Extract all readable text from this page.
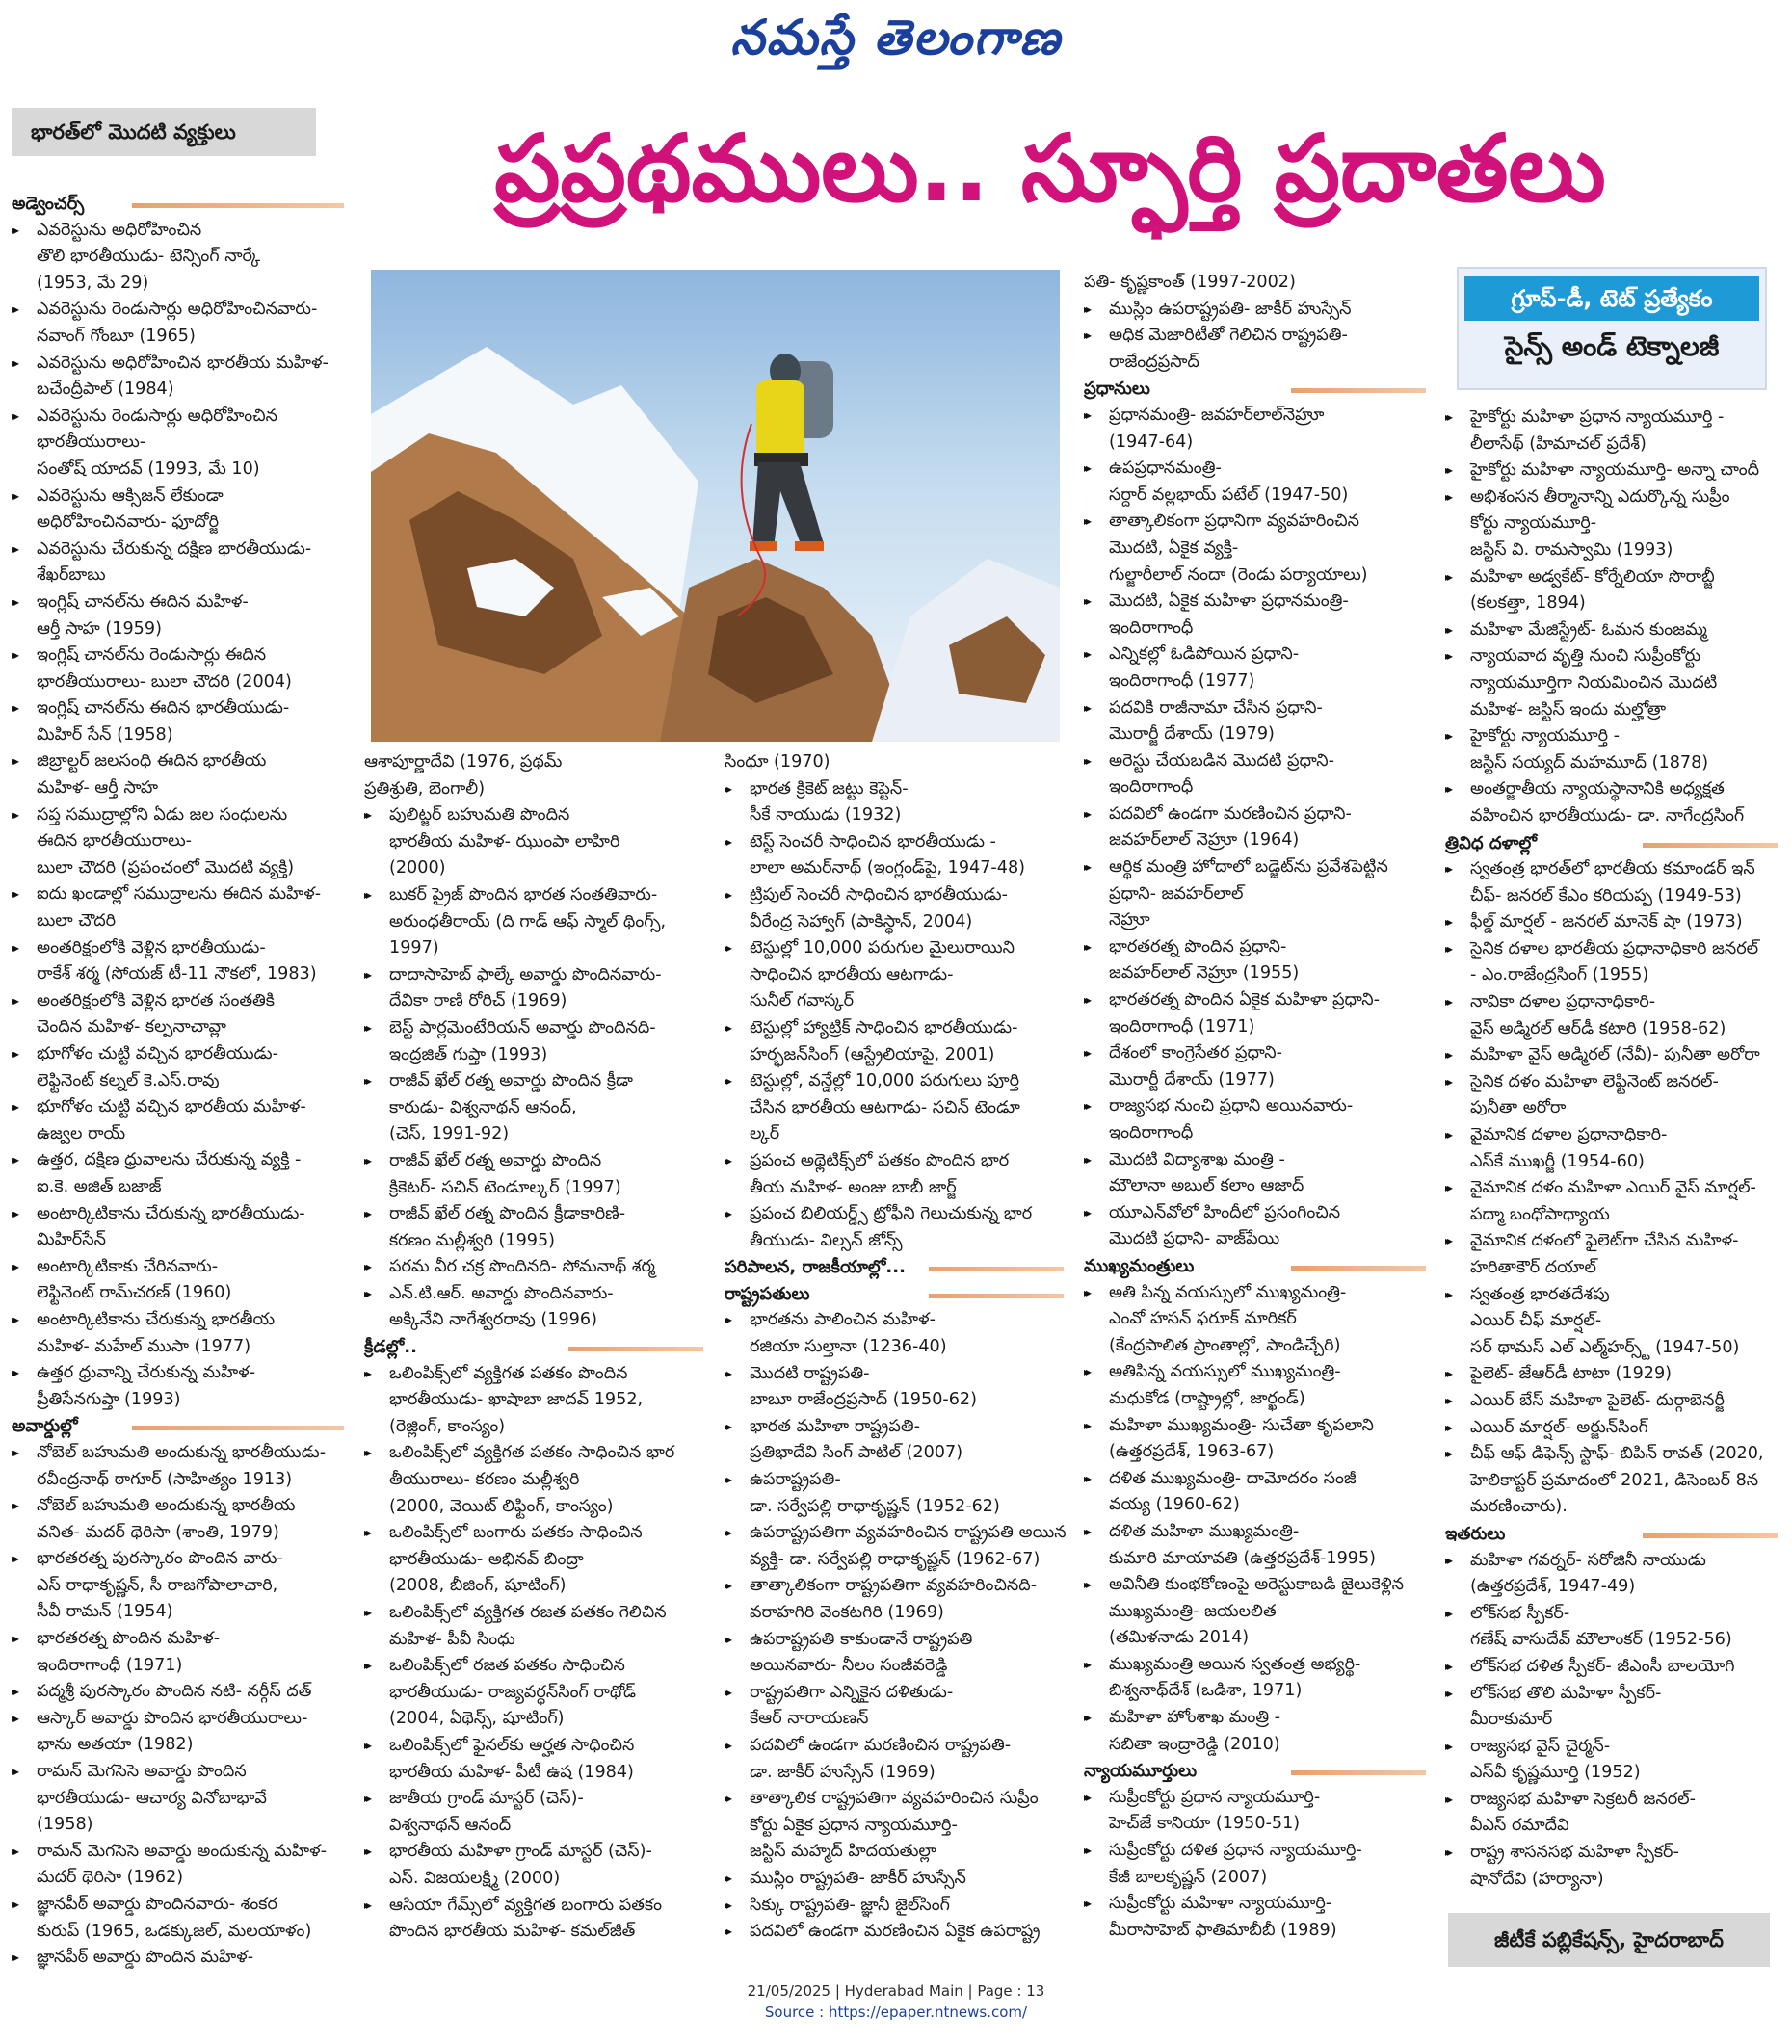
నమస్తే తెలంగాణ
భారత్‌లో మొదటి వ్యక్తులు	ప్రప్రథములు.. స్ఫూర్తి ప్రదాతలు
గ్రూప్‌-డీ, టెట్‌ ప్రత్యేకం
సైన్స్‌ అండ్‌ టెక్నాలజీ
అడ్వెంచర్స్‌
▸▸ ఎవరెస్టును అధిరోహించిన
తొలి భారతీయుడు- టెన్సింగ్‌ నార్కే
(1953, మే 29)
▸▸ ఎవరెస్టును రెండుసార్లు అధిరోహించినవారు-
నవాంగ్‌ గోంబూ (1965)
▸▸ ఎవరెస్టును అధిరోహించిన భారతీయ మహిళ-
బచేంద్రీపాల్‌ (1984)
▸▸ ఎవరెస్టును రెండుసార్లు అధిరోహించిన
భారతీయురాలు-
సంతోష్‌ యాదవ్‌ (1993, మే 10)
▸▸ ఎవరెస్టును ఆక్సిజన్‌ లేకుండా
అధిరోహించినవారు- ఫూదోర్జి
▸▸ ఎవరెస్టును చేరుకున్న దక్షిణ భారతీయుడు-
శేఖర్‌బాబు
▸▸ ఇంగ్లిష్‌ చానల్‌ను ఈదిన మహిళ-
ఆర్తీ సాహ (1959)
▸▸ ఇంగ్లిష్‌ చానల్‌ను రెండుసార్లు ఈదిన
భారతీయురాలు- బులా చౌదరి (2004)
▸▸ ఇంగ్లిష్‌ చానల్‌ను ఈదిన భారతీయుడు-
మిహిర్‌ సేన్‌ (1958)
▸▸ జిబ్రాల్టర్‌ జలసంధి ఈదిన భారతీయ
మహిళ- ఆర్తీ సాహ
▸▸ సప్త సముద్రాల్లోని ఏడు జల సంధులను
ఈదిన భారతీయురాలు-
బులా చౌదరి (ప్రపంచంలో మొదటి వ్యక్తి)
▸▸ ఐదు ఖండాల్లో సముద్రాలను ఈదిన మహిళ-
బులా చౌదరి
▸▸ అంతరిక్షంలోకి వెళ్లిన భారతీయుడు-
రాకేశ్‌ శర్మ (సోయజ్‌ టీ-11 నౌకలో, 1983)
▸▸ అంతరిక్షంలోకి వెళ్లిన భారత సంతతికి
చెందిన మహిళ- కల్పనాచావ్లా
▸▸ భూగోళం చుట్టి వచ్చిన భారతీయుడు-
లెఫ్టినెంట్‌ కల్నల్‌ కె.ఎస్‌.రావు
▸▸ భూగోళం చుట్టి వచ్చిన భారతీయ మహిళ-
ఉజ్వల రాయ్‌
▸▸ ఉత్తర, దక్షిణ ధ్రువాలను చేరుకున్న వ్యక్తి -
ఐ.కె. అజిత్‌ బజాజ్‌
▸▸ అంటార్కిటికాను చేరుకున్న భారతీయుడు-
మిహిర్‌సేన్‌
▸▸ అంటార్కిటికాకు చేరినవారు-
లెఫ్టినెంట్‌ రామ్‌చరణ్‌ (1960)
▸▸ అంటార్కిటికాను చేరుకున్న భారతీయ
మహిళ- మహేల్‌ ముసా (1977)
▸▸ ఉత్తర ధ్రువాన్ని చేరుకున్న మహిళ-
ప్రీతిసేనగుప్తా (1993)
అవార్డుల్లో
▸▸ నోబెల్‌ బహుమతి అందుకున్న భారతీయుడు-
రవీంద్రనాథ్‌ ఠాగూర్‌ (సాహిత్యం 1913)
▸▸ నోబెల్‌ బహుమతి అందుకున్న భారతీయ
వనిత- మదర్‌ థెరిసా (శాంతి, 1979)
▸▸ భారతరత్న పురస్కారం పొందిన వారు-
ఎస్‌ రాధాకృష్ణన్‌, సీ రాజగోపాలాచారి,
సీవీ రామన్‌ (1954)
▸▸ భారతరత్న పొందిన మహిళ-
ఇందిరాగాంధీ (1971)
▸▸ పద్మశ్రీ పురస్కారం పొందిన నటి- నర్గీస్‌ దత్‌
▸▸ ఆస్కార్‌ అవార్డు పొందిన భారతీయురాలు-
భాను అతయా (1982)
▸▸ రామన్‌ మెగసెసె అవార్డు పొందిన
భారతీయుడు- ఆచార్య వినోబాభావే
(1958)
▸▸ రామన్‌ మెగసెసె అవార్డు అందుకున్న మహిళ-
మదర్‌ థెరిసా (1962)
▸▸ జ్ఞానపీఠ్‌ అవార్డు పొందినవారు- శంకర
కురుప్‌ (1965, ఒడక్కుజల్‌, మలయాళం)
▸▸ జ్ఞానపీఠ్‌ అవార్డు పొందిన మహిళ-
ఆశాపూర్ణాదేవి (1976, ప్రథమ్‌
ప్రతిశ్రుతి, బెంగాలీ)
▸▸ పులిట్జర్‌ బహుమతి పొందిన
భారతీయ మహిళ- ఝుంపా లాహిరి
(2000)
▸▸ బుకర్‌ ప్రైజ్‌ పొందిన భారత సంతతివారు-
అరుంధతీరాయ్‌ (ది గాడ్‌ ఆఫ్‌ స్మాల్‌ థింగ్స్‌,
1997)
▸▸ దాదాసాహెబ్‌ ఫాల్కే అవార్డు పొందినవారు-
దేవికా రాణి రోరిచ్‌ (1969)
▸▸ బెస్ట్‌ పార్లమెంటేరియన్‌ అవార్డు పొందినది-
ఇంద్రజిత్‌ గుప్తా (1993)
▸▸ రాజీవ్‌ ఖేల్‌ రత్న అవార్డు పొందిన క్రీడా
కారుడు- విశ్వనాథన్‌ ఆనంద్‌,
(చెస్‌, 1991-92)
▸▸ రాజీవ్‌ ఖేల్‌ రత్న అవార్డు పొందిన
క్రికెటర్‌- సచిన్‌ టెండూల్కర్‌ (1997)
▸▸ రాజీవ్‌ ఖేల్‌ రత్న పొందిన క్రీడాకారిణి-
కరణం మల్లీశ్వరి (1995)
▸▸ పరమ వీర చక్ర పొందినది- సోమనాథ్‌ శర్మ
▸▸ ఎన్‌.టి.ఆర్‌. అవార్డు పొందినవారు-
అక్కినేని నాగేశ్వరరావు (1996)
క్రీడల్లో..
▸▸ ఒలింపిక్స్‌లో వ్యక్తిగత పతకం పొందిన
భారతీయుడు- ఖాషాబా జాదవ్‌ 1952,
(రెజ్లింగ్‌, కాంస్యం)
▸▸ ఒలింపిక్స్‌లో వ్యక్తిగత పతకం సాధించిన భార
తీయురాలు- కరణం మల్లీశ్వరి
(2000, వెయిట్‌ లిఫ్టింగ్‌, కాంస్యం)
▸▸ ఒలింపిక్స్‌లో బంగారు పతకం సాధించిన
భారతీయుడు- అభినవ్‌ బింద్రా
(2008, బీజింగ్‌, షూటింగ్‌)
▸▸ ఒలింపిక్స్‌లో వ్యక్తిగత రజత పతకం గెలిచిన
మహిళ- పీవీ సింధు
▸▸ ఒలింపిక్స్‌లో రజత పతకం సాధించిన
భారతీయుడు- రాజ్యవర్ధన్‌సింగ్‌ రాథోడ్‌
(2004, ఏథెన్స్‌, షూటింగ్‌)
▸▸ ఒలింపిక్స్‌లో ఫైనల్‌కు అర్హత సాధించిన
భారతీయ మహిళ- పీటీ ఉష (1984)
▸▸ జాతీయ గ్రాండ్‌ మాస్టర్‌ (చెస్‌)-
విశ్వనాథన్‌ ఆనంద్‌
▸▸ భారతీయ మహిళా గ్రాండ్‌ మాస్టర్‌ (చెస్‌)-
ఎస్‌. విజయలక్ష్మి (2000)
▸▸ ఆసియా గేమ్స్‌లో వ్యక్తిగత బంగారు పతకం
పొందిన భారతీయ మహిళ- కమల్‌జీత్‌
సింధూ (1970)
▸▸ భారత క్రికెట్‌ జట్టు కెప్టెన్‌-
సీకే నాయుడు (1932)
▸▸ టెస్ట్‌ సెంచరీ సాధించిన భారతీయుడు -
లాలా అమర్‌నాథ్‌ (ఇంగ్లండ్‌పై, 1947-48)
▸▸ ట్రిపుల్‌ సెంచరీ సాధించిన భారతీయుడు-
వీరేంద్ర సెహ్వాగ్‌ (పాకిస్థాన్‌, 2004)
▸▸ టెస్టుల్లో 10,000 పరుగుల మైలురాయిని
సాధించిన భారతీయ ఆటగాడు-
సునీల్‌ గవాస్కర్‌
▸▸ టెస్టుల్లో హ్యాట్రిక్‌ సాధించిన భారతీయుడు-
హర్భజన్‌సింగ్‌ (ఆస్ట్రేలియాపై, 2001)
▸▸ టెస్టుల్లో, వన్డేల్లో 10,000 పరుగులు పూర్తి
చేసిన భారతీయ ఆటగాడు- సచిన్‌ టెండూ
ల్కర్‌
▸▸ ప్రపంచ అథ్లెటిక్స్‌లో పతకం పొందిన భార
తీయ మహిళ- అంజు బాబీ జార్జ్‌
▸▸ ప్రపంచ బిలియర్డ్స్‌ ట్రోఫీని గెలుచుకున్న భార
తీయుడు- విల్సన్‌ జోన్స్‌
పరిపాలన, రాజకీయాల్లో...
రాష్ట్రపతులు
▸▸ భారతను పాలించిన మహిళ-
రజియా సుల్తానా (1236-40)
▸▸ మొదటి రాష్ట్రపతి-
బాబూ రాజేంద్రప్రసాద్‌ (1950-62)
▸▸ భారత మహిళా రాష్ట్రపతి-
ప్రతిభాదేవి సింగ్‌ పాటిల్‌ (2007)
▸▸ ఉపరాష్ట్రపతి-
డా. సర్వేపల్లి రాధాకృష్ణన్‌ (1952-62)
▸▸ ఉపరాష్ట్రపతిగా వ్యవహరించిన రాష్ట్రపతి అయిన
వ్యక్తి- డా. సర్వేపల్లి రాధాకృష్ణన్‌ (1962-67)
▸▸ తాత్కాలికంగా రాష్ట్రపతిగా వ్యవహరించినది-
వరాహగిరి వెంకటగిరి (1969)
▸▸ ఉపరాష్ట్రపతి కాకుండానే రాష్ట్రపతి
అయినవారు- నీలం సంజీవరెడ్డి
▸▸ రాష్ట్రపతిగా ఎన్నికైన దళితుడు-
కేఆర్‌ నారాయణన్‌
▸▸ పదవిలో ఉండగా మరణించిన రాష్ట్రపతి-
డా. జాకీర్‌ హుస్సేన్‌ (1969)
▸▸ తాత్కాలిక రాష్ట్రపతిగా వ్యవహరించిన సుప్రీం
కోర్టు ఏకైక ప్రధాన న్యాయమూర్తి-
జస్టిస్‌ మహ్మద్‌ హిదయతుల్లా
▸▸ ముస్లిం రాష్ట్రపతి- జాకీర్‌ హుస్సేన్‌
▸▸ సిక్కు రాష్ట్రపతి- జ్ఞానీ జైల్‌సింగ్‌
▸▸ పదవిలో ఉండగా మరణించిన ఏకైక ఉపరాష్ట్ర
పతి- కృష్ణకాంత్‌ (1997-2002)
▸▸ ముస్లిం ఉపరాష్ట్రపతి- జాకీర్‌ హుస్సేన్‌
▸▸ అధిక మెజారిటీతో గెలిచిన రాష్ట్రపతి-
రాజేంద్రప్రసాద్‌
ప్రధానులు
▸▸ ప్రధానమంత్రి- జవహర్‌లాల్‌నెహ్రూ
(1947-64)
▸▸ ఉపప్రధానమంత్రి-
సర్దార్‌ వల్లభాయ్‌ పటేల్‌ (1947-50)
▸▸ తాత్కాలికంగా ప్రధానిగా వ్యవహరించిన
మొదటి, ఏకైక వ్యక్తి-
గుల్జారీలాల్‌ నందా (రెండు పర్యాయాలు)
▸▸ మొదటి, ఏకైక మహిళా ప్రధానమంత్రి-
ఇందిరాగాంధీ
▸▸ ఎన్నికల్లో ఓడిపోయిన ప్రధాని-
ఇందిరాగాంధీ (1977)
▸▸ పదవికి రాజీనామా చేసిన ప్రధాని-
మొరార్జీ దేశాయ్‌ (1979)
▸▸ అరెస్టు చేయబడిన మొదటి ప్రధాని-
ఇందిరాగాంధీ
▸▸ పదవిలో ఉండగా మరణించిన ప్రధాని-
జవహర్‌లాల్‌ నెహ్రూ (1964)
▸▸ ఆర్థిక మంత్రి హోదాలో బడ్జెట్‌ను ప్రవేశపెట్టిన
ప్రధాని- జవహర్‌లాల్‌
నెహ్రూ
▸▸ భారతరత్న పొందిన ప్రధాని-
జవహర్‌లాల్‌ నెహ్రూ (1955)
▸▸ భారతరత్న పొందిన ఏకైక మహిళా ప్రధాని-
ఇందిరాగాంధీ (1971)
▸▸ దేశంలో కాంగ్రెసేతర ప్రధాని-
మొరార్జీ దేశాయ్‌ (1977)
▸▸ రాజ్యసభ నుంచి ప్రధాని అయినవారు-
ఇందిరాగాంధీ
▸▸ మొదటి విద్యాశాఖ మంత్రి -
మౌలానా అబుల్‌ కలాం ఆజాద్‌
▸▸ యూఎన్‌వోలో హిందీలో ప్రసంగించిన
మొదటి ప్రధాని- వాజ్‌పేయి
ముఖ్యమంత్రులు
▸▸ అతి పిన్న వయస్సులో ముఖ్యమంత్రి-
ఎంవో హసన్‌ ఫరూక్‌ మారికర్‌
(కేంద్రపాలిత ప్రాంతాల్లో, పాండిచ్చేరి)
▸▸ అతిపిన్న వయస్సులో ముఖ్యమంత్రి-
మధుకోడ (రాష్ట్రాల్లో, జార్ఖండ్‌)
▸▸ మహిళా ముఖ్యమంత్రి- సుచేతా కృపలాని
(ఉత్తరప్రదేశ్‌, 1963-67)
▸▸ దళిత ముఖ్యమంత్రి- దామోదరం సంజీ
వయ్య (1960-62)
▸▸ దళిత మహిళా ముఖ్యమంత్రి-
కుమారి మాయావతి (ఉత్తరప్రదేశ్‌-1995)
▸▸ అవినీతి కుంభకోణంపై అరెస్టుకాబడి జైలుకెళ్లిన
ముఖ్యమంత్రి- జయలలిత
(తమిళనాడు 2014)
▸▸ ముఖ్యమంత్రి అయిన స్వతంత్ర అభ్యర్థి-
బిశ్వనాథ్‌దేశ్‌ (ఒడిశా, 1971)
▸▸ మహిళా హోంశాఖ మంత్రి -
సబితా ఇంద్రారెడ్డి (2010)
న్యాయమూర్తులు
▸▸ సుప్రీంకోర్టు ప్రధాన న్యాయమూర్తి-
హెచ్‌జే కానియా (1950-51)
▸▸ సుప్రీంకోర్టు దళిత ప్రధాన న్యాయమూర్తి-
కేజీ బాలకృష్ణన్‌ (2007)
▸▸ సుప్రీంకోర్టు మహిళా న్యాయమూర్తి-
మీరాసాహెబ్‌ ఫాతిమాబీబీ (1989)
▸▸ హైకోర్టు మహిళా ప్రధాన న్యాయమూర్తి -
లీలాసేథ్‌ (హిమాచల్‌ ప్రదేశ్‌)
▸▸ హైకోర్టు మహిళా న్యాయమూర్తి- అన్నా చాందీ
▸▸ అభిశంసన తీర్మానాన్ని ఎదుర్కొన్న సుప్రీం
కోర్టు న్యాయమూర్తి-
జస్టిస్‌ వి. రామస్వామి (1993)
▸▸ మహిళా అడ్వకేట్‌- కోర్నేలియా సొరాబ్జీ
(కలకత్తా, 1894)
▸▸ మహిళా మేజిస్ట్రేట్‌- ఓమన కుంజమ్మ
▸▸ న్యాయవాద వృత్తి నుంచి సుప్రీంకోర్టు
న్యాయమూర్తిగా నియమించిన మొదటి
మహిళ- జస్టిస్‌ ఇందు మల్హోత్రా
▸▸ హైకోర్టు న్యాయమూర్తి -
జస్టిస్‌ సయ్యద్‌ మహమూద్‌ (1878)
▸▸ అంతర్జాతీయ న్యాయస్థానానికి అధ్యక్షత
వహించిన భారతీయుడు- డా. నాగేంద్రసింగ్‌
త్రివిధ దళాల్లో
▸▸ స్వతంత్ర భారత్‌లో భారతీయ కమాండర్‌ ఇన్‌
చీఫ్‌- జనరల్‌ కేఎం కరియప్ప (1949-53)
▸▸ ఫీల్డ్‌ మార్షల్‌ - జనరల్‌ మానెక్‌ షా (1973)
▸▸ సైనిక దళాల భారతీయ ప్రధానాధికారి జనరల్‌
- ఎం.రాజేంద్రసింగ్‌ (1955)
▸▸ నావికా దళాల ప్రధానాధికారి-
వైస్‌ అడ్మిరల్‌ ఆర్‌డీ కటారి (1958-62)
▸▸ మహిళా వైస్‌ అడ్మిరల్‌ (నేవీ)- పునీతా అరోరా
▸▸ సైనిక దళం మహిళా లెఫ్టినెంట్‌ జనరల్‌-
పునీతా అరోరా
▸▸ వైమానిక దళాల ప్రధానాధికారి-
ఎస్‌కే ముఖర్జీ (1954-60)
▸▸ వైమానిక దళం మహిళా ఎయిర్‌ వైస్‌ మార్షల్‌-
పద్మా బంధోపాధ్యాయ
▸▸ వైమానిక దళంలో ఫైలెట్‌గా చేసిన మహిళ-
హరితాకౌర్‌ దయాల్‌
▸▸ స్వతంత్ర భారతదేశపు
ఎయిర్‌ చీఫ్‌ మార్షల్‌-
సర్‌ థామస్‌ ఎల్‌ ఎల్మ్‌హర్స్ట్‌ (1947-50)
▸▸ పైలెట్‌- జేఆర్‌డీ టాటా (1929)
▸▸ ఎయిర్‌ బేస్‌ మహిళా పైలెట్‌- దుర్గాబెనర్జీ
▸▸ ఎయిర్‌ మార్షల్‌- అర్జున్‌సింగ్‌
▸▸ చీఫ్‌ ఆఫ్‌ డిఫెన్స్‌ స్టాఫ్‌- బిపిన్‌ రావత్‌ (2020,
హెలికాప్టర్‌ ప్రమాదంలో 2021, డిసెంబర్‌ 8న
మరణించారు).
ఇతరులు
▸▸ మహిళా గవర్నర్‌- సరోజినీ నాయుడు
(ఉత్తరప్రదేశ్‌, 1947-49)
▸▸ లోక్‌సభ స్పీకర్‌-
గణేష్‌ వాసుదేవ్‌ మౌలాంకర్‌ (1952-56)
▸▸ లోక్‌సభ దళిత స్పీకర్‌- జీఎంసీ బాలయోగి
▸▸ లోక్‌సభ తొలి మహిళా స్పీకర్‌-
మీరాకుమార్‌
▸▸ రాజ్యసభ వైస్‌ చైర్మన్‌-
ఎస్‌వీ కృష్ణమూర్తి (1952)
▸▸ రాజ్యసభ మహిళా సెక్రటరీ జనరల్‌-
వీఎస్‌ రమాదేవి
▸▸ రాష్ట్ర శాసనసభ మహిళా స్పీకర్‌-
షానోదేవి (హర్యానా)
జీటీకే పబ్లికేషన్స్‌, హైదరాబాద్‌
21/05/2025 | Hyderabad Main | Page : 13
Source : https://epaper.ntnews.com/
